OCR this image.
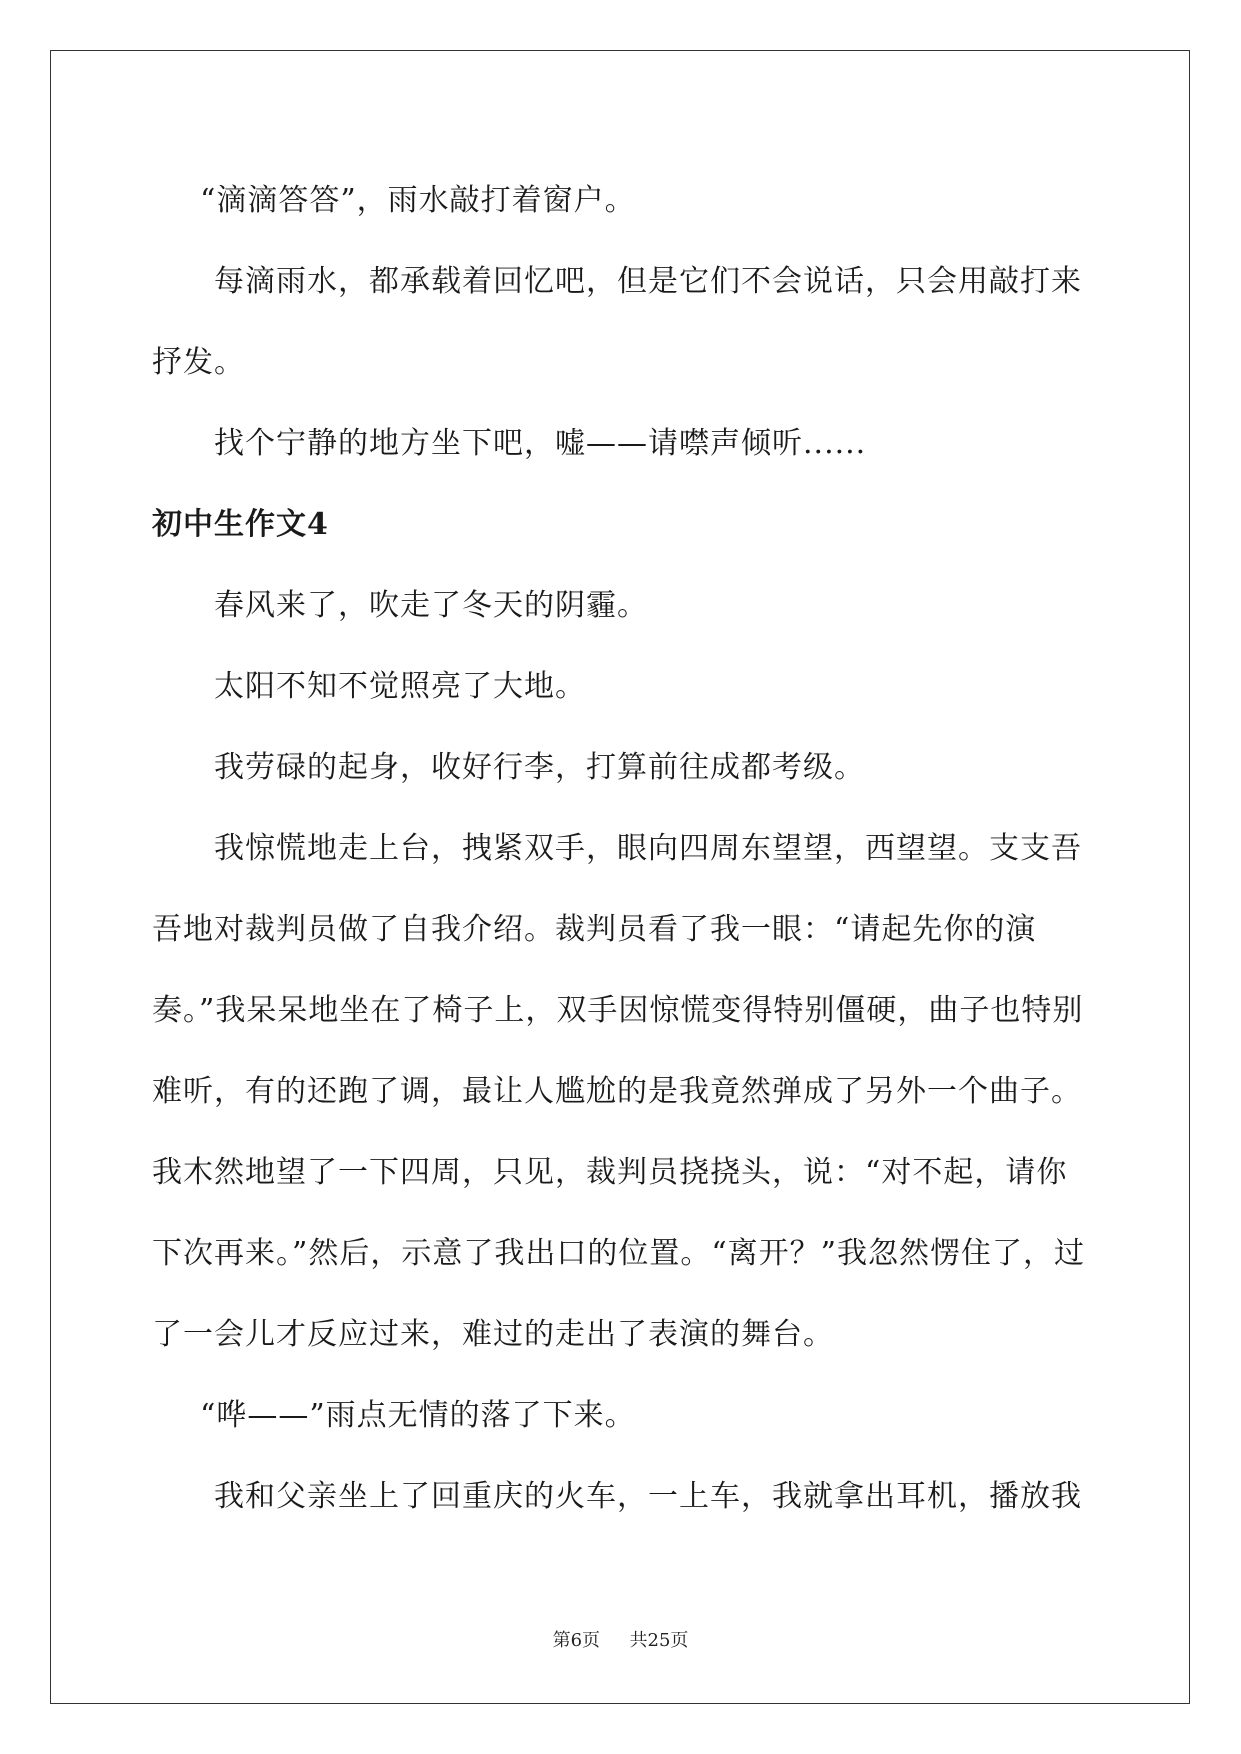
“滴滴答答”，雨水敲打着窗户。

每滴雨水，都承载着回忆吧，但是它们不会说话，只会用敲打来抒发。

找个宁静的地方坐下吧，嘘——请噤声倾听......

初中生作文4

春风来了，吹走了冬天的阴霾。

太阳不知不觉照亮了大地。

我劳碌的起身，收好行李，打算前往成都考级。

我惊慌地走上台，拽紧双手，眼向四周东望望，西望望。支支吾吾地对裁判员做了自我介绍。裁判员看了我一眼：“请起先你的演奏。”我呆呆地坐在了椅子上，双手因惊慌变得特别僵硬，曲子也特别难听，有的还跑了调，最让人尴尬的是我竟然弹成了另外一个曲子。我木然地望了一下四周，只见，裁判员挠挠头，说：“对不起，请你下次再来。”然后，示意了我出口的位置。“离开？”我忽然愣住了，过了一会儿才反应过来，难过的走出了表演的舞台。

“哗——”雨点无情的落了下来。

我和父亲坐上了回重庆的火车，一上车，我就拿出耳机，播放我

第6页 共25页
